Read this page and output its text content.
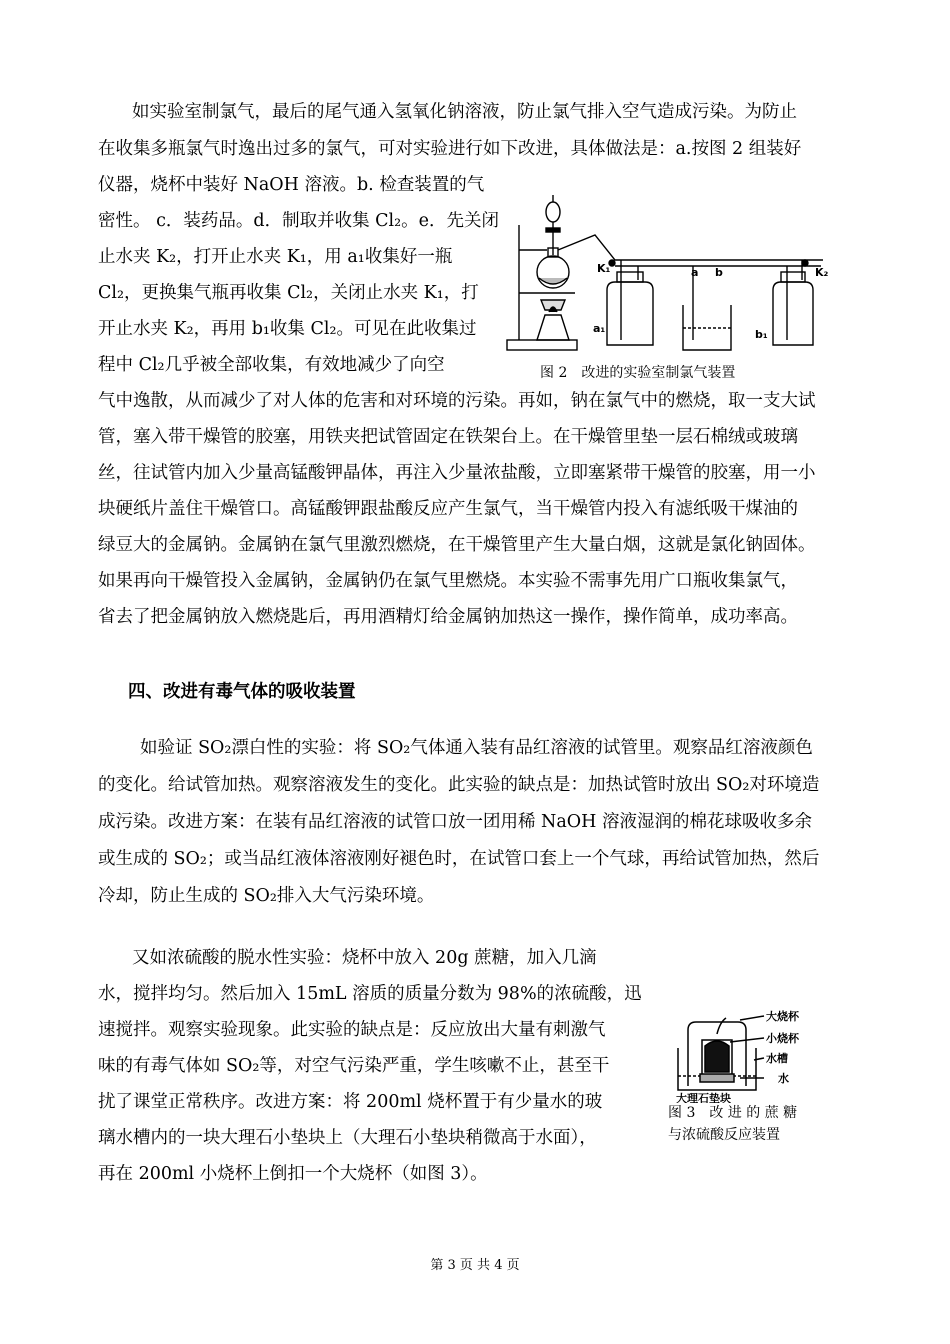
如实验室制氯气，最后的尾气通入氢氧化钠溶液，防止氯气排入空气造成污染。为防止
在收集多瓶氯气时逸出过多的氯气，可对实验进行如下改进，具体做法是：a.按图 2 组装好
仪器，烧杯中装好 NaOH 溶液。b. 检查装置的气
密性。 c．装药品。d．制取并收集 Cl₂。e．先关闭
止水夹 K₂，打开止水夹 K₁，用 a₁收集好一瓶
Cl₂，更换集气瓶再收集 Cl₂，关闭止水夹 K₁，打
开止水夹 K₂，再用 b₁收集 Cl₂。可见在此收集过
程中 Cl₂几乎被全部收集，有效地减少了向空
气中逸散，从而减少了对人体的危害和对环境的污染。再如，钠在氯气中的燃烧，取一支大试
管，塞入带干燥管的胶塞，用铁夹把试管固定在铁架台上。在干燥管里垫一层石棉绒或玻璃
丝，往试管内加入少量高锰酸钾晶体，再注入少量浓盐酸，立即塞紧带干燥管的胶塞，用一小
块硬纸片盖住干燥管口。高锰酸钾跟盐酸反应产生氯气，当干燥管内投入有滤纸吸干煤油的
绿豆大的金属钠。金属钠在氯气里激烈燃烧，在干燥管里产生大量白烟，这就是氯化钠固体。
如果再向干燥管投入金属钠，金属钠仍在氯气里燃烧。本实验不需事先用广口瓶收集氯气，
省去了把金属钠放入燃烧匙后，再用酒精灯给金属钠加热这一操作，操作简单，成功率高。
K₁	K₂
a b
a₁	b₁
图 2　改进的实验室制氯气装置
四、改进有毒气体的吸收装置
如验证 SO₂漂白性的实验：将 SO₂气体通入装有品红溶液的试管里。观察品红溶液颜色
的变化。给试管加热。观察溶液发生的变化。此实验的缺点是：加热试管时放出 SO₂对环境造
成污染。改进方案：在装有品红溶液的试管口放一团用稀 NaOH 溶液湿润的棉花球吸收多余
或生成的 SO₂；或当品红液体溶液刚好褪色时，在试管口套上一个气球，再给试管加热，然后
冷却，防止生成的 SO₂排入大气污染环境。
又如浓硫酸的脱水性实验：烧杯中放入 20g 蔗糖，加入几滴
水，搅拌均匀。然后加入 15mL 溶质的质量分数为 98%的浓硫酸，迅
速搅拌。观察实验现象。此实验的缺点是：反应放出大量有刺激气
味的有毒气体如 SO₂等，对空气污染严重，学生咳嗽不止，甚至干
扰了课堂正常秩序。改进方案：将 200ml 烧杯置于有少量水的玻
璃水槽内的一块大理石小垫块上（大理石小垫块稍微高于水面），
再在 200ml 小烧杯上倒扣一个大烧杯（如图 3）。
大烧杯
小烧杯
水槽
水
大理石垫块
图 3　改 进 的 蔗 糖
与浓硫酸反应装置
第 3 页 共 4 页
